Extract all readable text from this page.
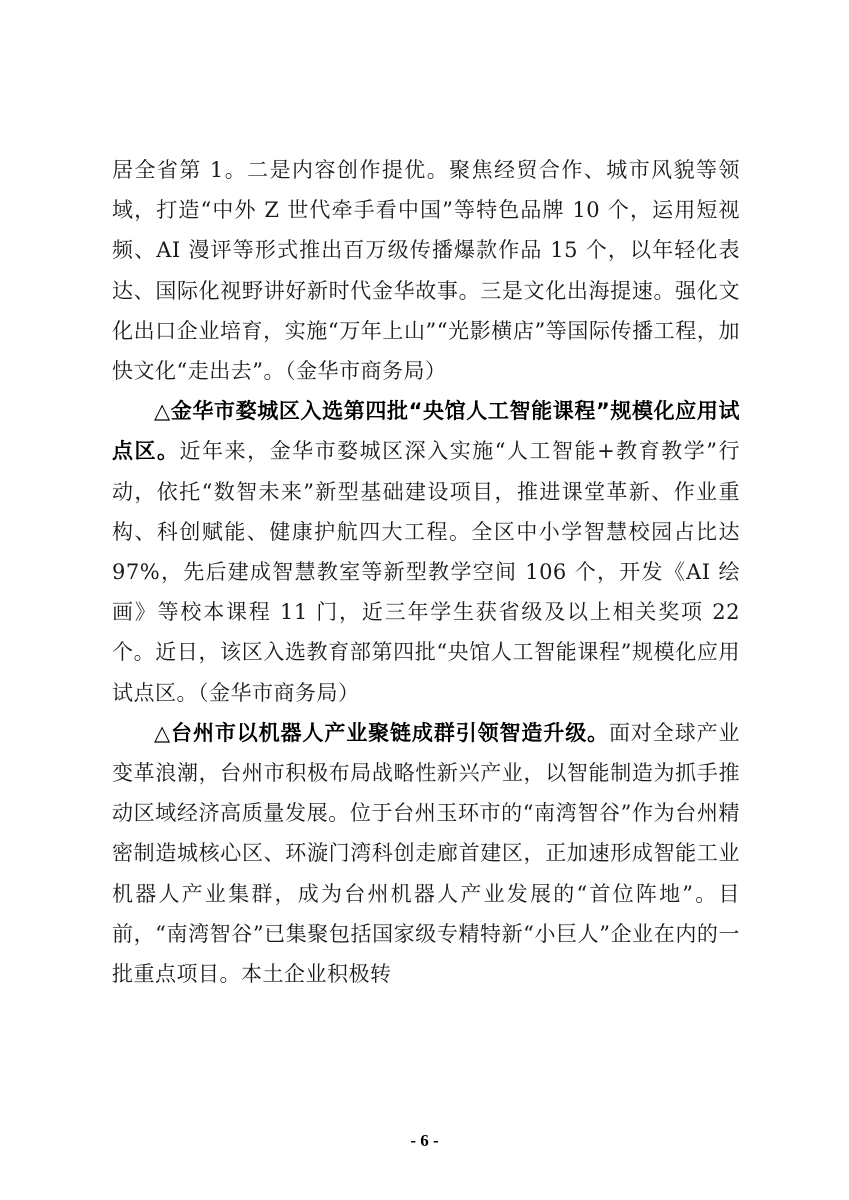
居全省第 1。二是内容创作提优。聚焦经贸合作、城市风貌等领域，打造“中外 Z 世代牵手看中国”等特色品牌 10 个，运用短视频、AI 漫评等形式推出百万级传播爆款作品 15 个，以年轻化表达、国际化视野讲好新时代金华故事。三是文化出海提速。强化文化出口企业培育，实施“万年上山”“光影横店”等国际传播工程，加快文化“走出去”。（金华市商务局）

△金华市婺城区入选第四批“央馆人工智能课程”规模化应用试点区。近年来，金华市婺城区深入实施“人工智能+教育教学”行动，依托“数智未来”新型基础建设项目，推进课堂革新、作业重构、科创赋能、健康护航四大工程。全区中小学智慧校园占比达 97%，先后建成智慧教室等新型教学空间 106 个，开发《AI 绘画》等校本课程 11 门，近三年学生获省级及以上相关奖项 22 个。近日，该区入选教育部第四批“央馆人工智能课程”规模化应用试点区。（金华市商务局）

△台州市以机器人产业聚链成群引领智造升级。面对全球产业变革浪潮，台州市积极布局战略性新兴产业，以智能制造为抓手推动区域经济高质量发展。位于台州玉环市的“南湾智谷”作为台州精密制造城核心区、环漩门湾科创走廊首建区，正加速形成智能工业机器人产业集群，成为台州机器人产业发展的“首位阵地”。目前，“南湾智谷”已集聚包括国家级专精特新“小巨人”企业在内的一批重点项目。本土企业积极转

- 6 -
